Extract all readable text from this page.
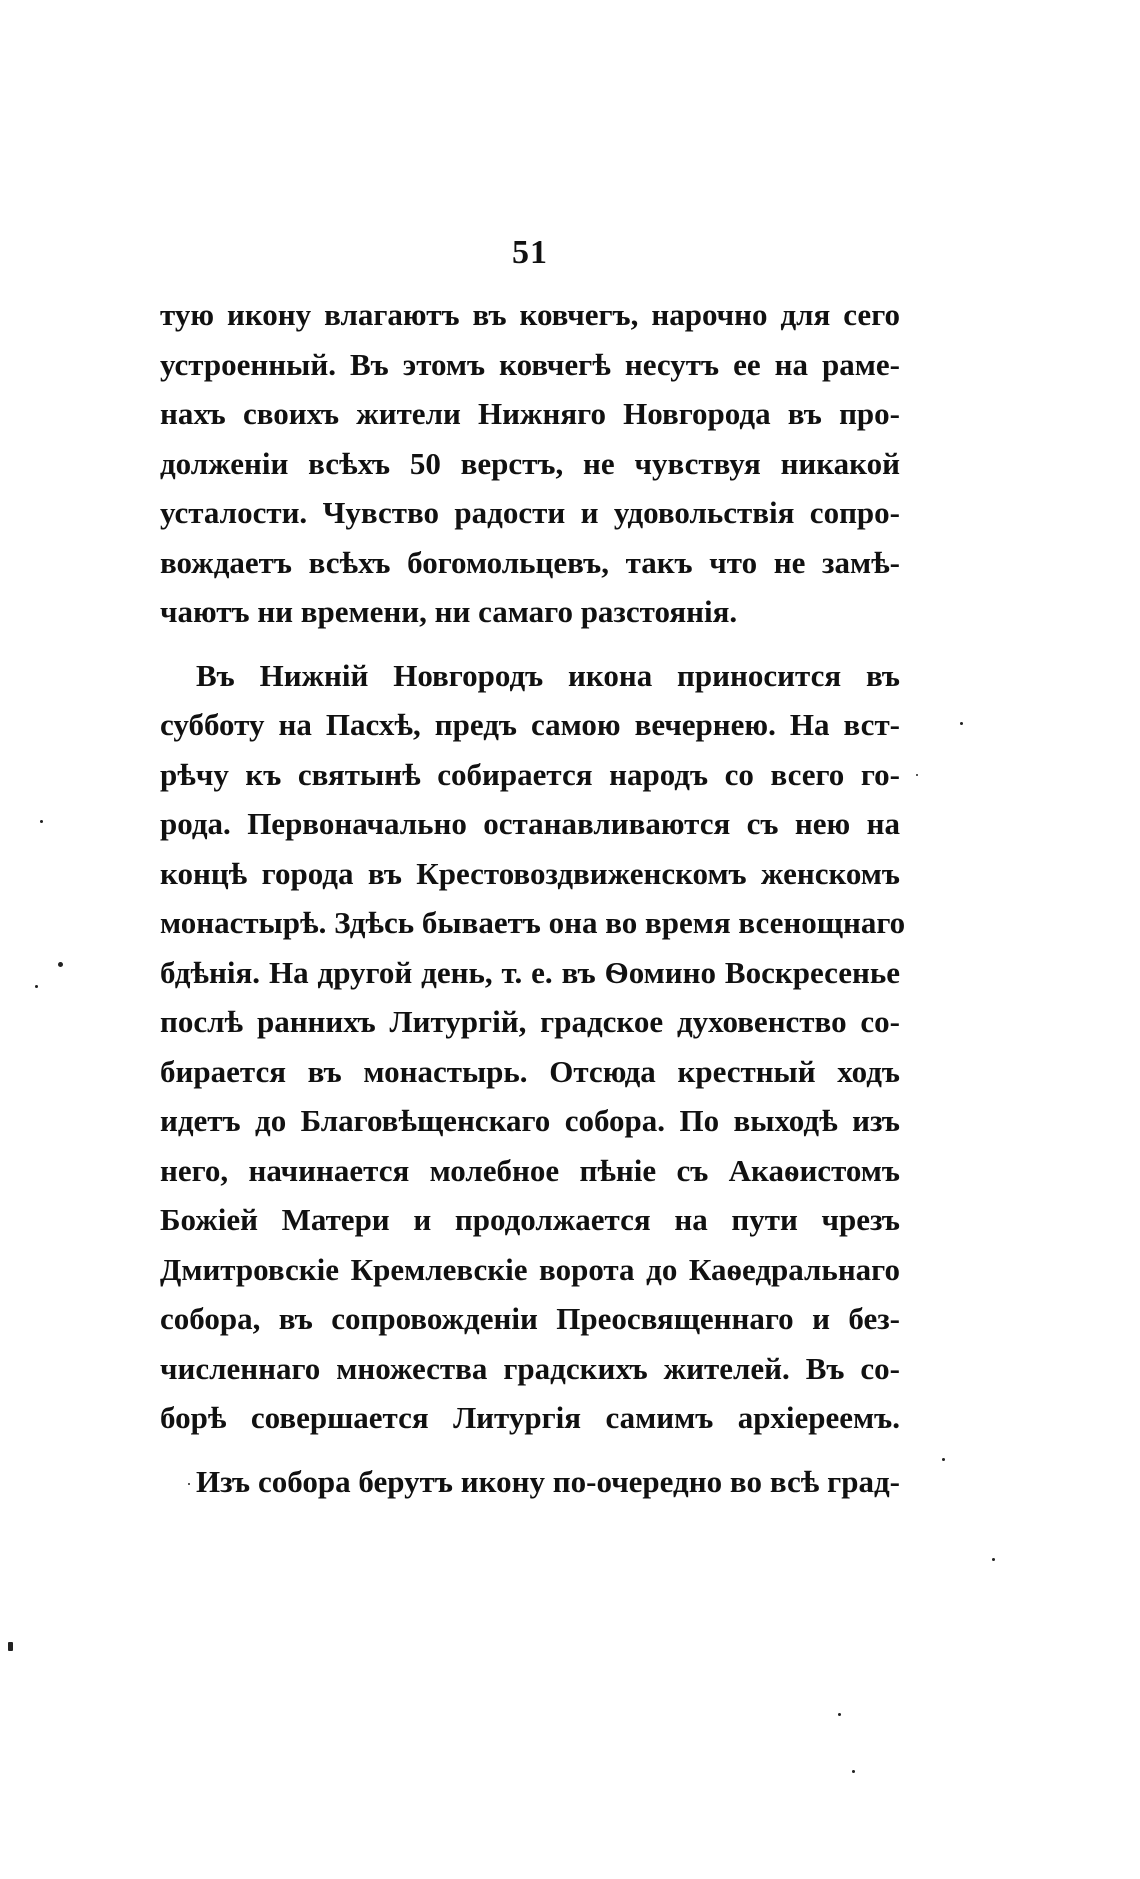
51
тую икону влагаютъ въ ковчегъ, нарочно для сего
устроенный. Въ этомъ ковчегѣ несутъ ее на раме-
нахъ своихъ жители Нижняго Новгорода въ про-
долженіи всѣхъ 50 верстъ, не чувствуя никакой
усталости. Чувство радости и удовольствія сопро-
вождаетъ всѣхъ богомольцевъ, такъ что не замѣ-
чаютъ ни времени, ни самаго разстоянія.
Въ Нижній Новгородъ икона приносится въ
субботу на Пасхѣ, предъ самою вечернею. На вст-
рѣчу къ святынѣ собирается народъ со всего го-
рода. Первоначально останавливаются съ нею на
концѣ города въ Крестовоздвиженскомъ женскомъ
монастырѣ. Здѣсь бываетъ она во время всенощнаго
бдѣнія. На другой день, т. е. въ Ѳомино Воскресенье
послѣ раннихъ Литургій, градское духовенство со-
бирается въ монастырь. Отсюда крестный ходъ
идетъ до Благовѣщенскаго собора. По выходѣ изъ
него, начинается молебное пѣніе съ Акаѳистомъ
Божіей Матери и продолжается на пути чрезъ
Дмитровскіе Кремлевскіе ворота до Каѳедральнаго
собора, въ сопровожденіи Преосвященнаго и без-
численнаго множества градскихъ жителей. Въ со-
борѣ совершается Литургія самимъ архіереемъ.
Изъ собора берутъ икону по-очередно во всѣ град-
